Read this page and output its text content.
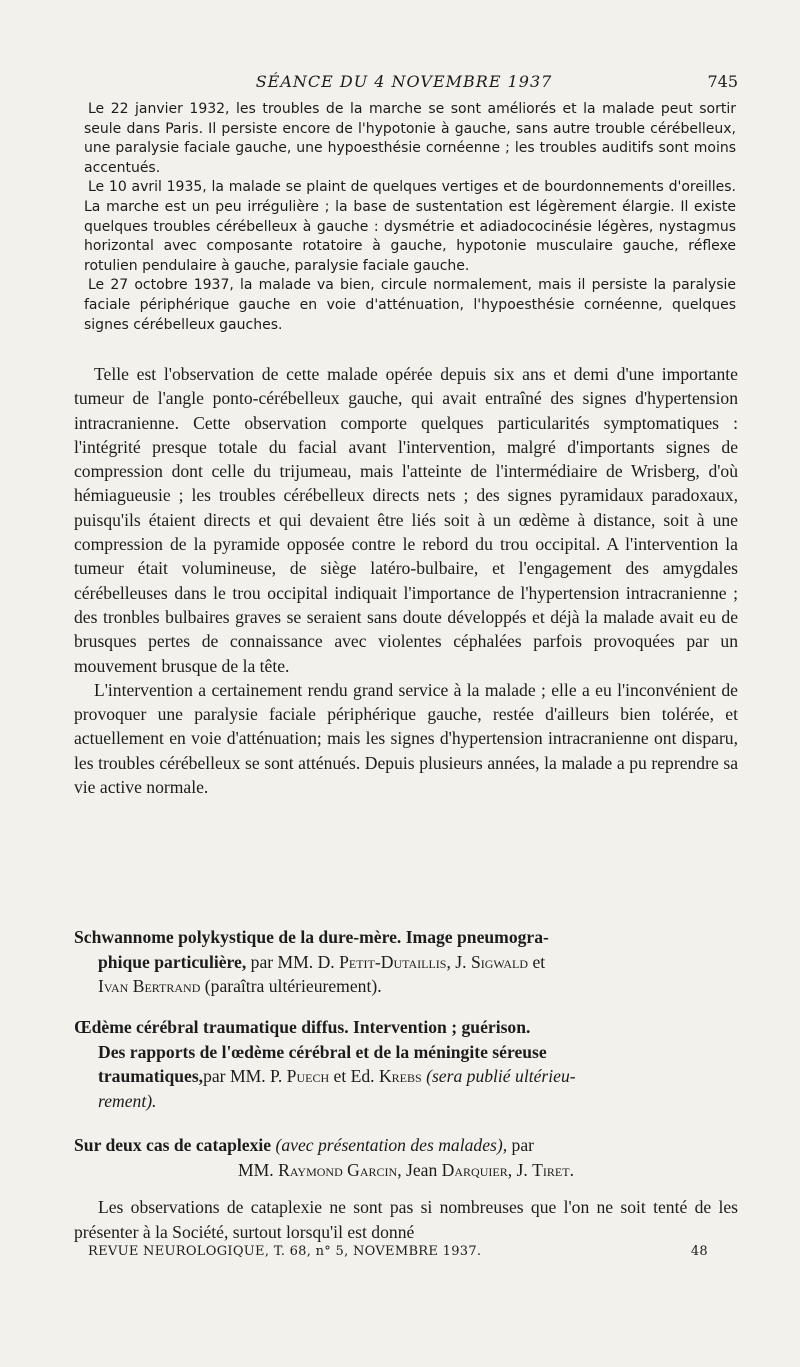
SÉANCE DU 4 NOVEMBRE 1937	745

Le 22 janvier 1932, les troubles de la marche se sont améliorés et la malade peut sortir seule dans Paris. Il persiste encore de l'hypotonie à gauche, sans autre trouble cérébelleux, une paralysie faciale gauche, une hypoesthésie cornéenne ; les troubles auditifs sont moins accentués.

Le 10 avril 1935, la malade se plaint de quelques vertiges et de bourdonnements d'oreilles. La marche est un peu irrégulière ; la base de sustentation est légèrement élargie. Il existe quelques troubles cérébelleux à gauche : dysmétrie et adiadococinésie légères, nystagmus horizontal avec composante rotatoire à gauche, hypotonie musculaire gauche, réflexe rotulien pendulaire à gauche, paralysie faciale gauche.

Le 27 octobre 1937, la malade va bien, circule normalement, mais il persiste la paralysie faciale périphérique gauche en voie d'atténuation, l'hypoesthésie cornéenne, quelques signes cérébelleux gauches.

Telle est l'observation de cette malade opérée depuis six ans et demi d'une importante tumeur de l'angle ponto-cérébelleux gauche, qui avait entraîné des signes d'hypertension intracranienne. Cette observation comporte quelques particularités symptomatiques : l'intégrité presque totale du facial avant l'intervention, malgré d'importants signes de compression dont celle du trijumeau, mais l'atteinte de l'intermédiaire de Wrisberg, d'où hémiagueusie ; les troubles cérébelleux directs nets ; des signes pyramidaux paradoxaux, puisqu'ils étaient directs et qui devaient être liés soit à un œdème à distance, soit à une compression de la pyramide opposée contre le rebord du trou occipital. A l'intervention la tumeur était volumineuse, de siège latéro-bulbaire, et l'engagement des amygdales cérébelleuses dans le trou occipital indiquait l'importance de l'hypertension intracranienne ; des tronbles bulbaires graves se seraient sans doute développés et déjà la malade avait eu de brusques pertes de connaissance avec violentes céphalées parfois provoquées par un mouvement brusque de la tête.

L'intervention a certainement rendu grand service à la malade ; elle a eu l'inconvénient de provoquer une paralysie faciale périphérique gauche, restée d'ailleurs bien tolérée, et actuellement en voie d'atténuation; mais les signes d'hypertension intracranienne ont disparu, les troubles cérébelleux se sont atténués. Depuis plusieurs années, la malade a pu reprendre sa vie active normale.

Schwannome polykystique de la dure-mère. Image pneumogra-
phique particulière, par MM. D. Petit-Dutaillis, J. Sigwald et
Ivan Bertrand (paraîtra ultérieurement).
Œdème cérébral traumatique diffus. Intervention ; guérison.
Des rapports de l'œdème cérébral et de la méningite séreuse
traumatiques,par MM. P. Puech et Ed. Krebs (sera publié ultérieu-
rement).
Sur deux cas de cataplexie (avec présentation des malades), par
MM. Raymond Garcin, Jean Darquier, J. Tiret.

Les observations de cataplexie ne sont pas si nombreuses que l'on ne soit tenté de les présenter à la Société, surtout lorsqu'il est donné

REVUE NEUROLOGIQUE, T. 68, n° 5, NOVEMBRE 1937.	48
